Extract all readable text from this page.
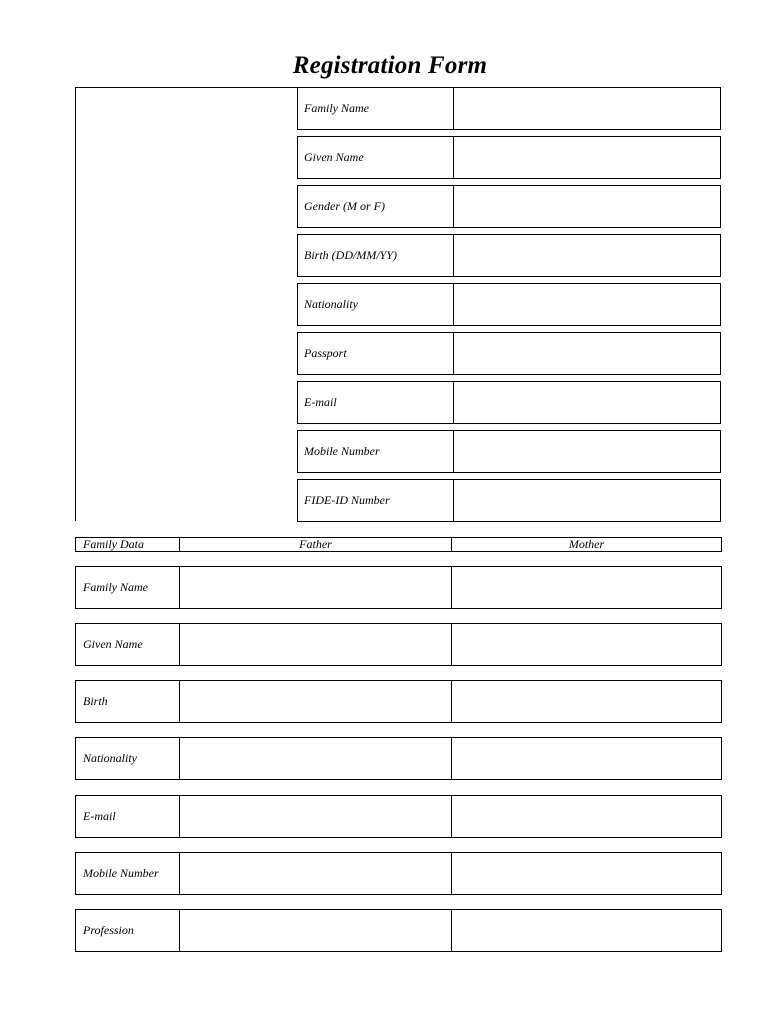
Registration Form
Family Name
Given Name
Gender (M or F)
Birth (DD/MM/YY)
Nationality
Passport
E-mail
Mobile Number
FIDE-ID Number
Family Data	Father	Mother
Family Name
Given Name
Birth
Nationality
E-mail
Mobile Number
Profession
